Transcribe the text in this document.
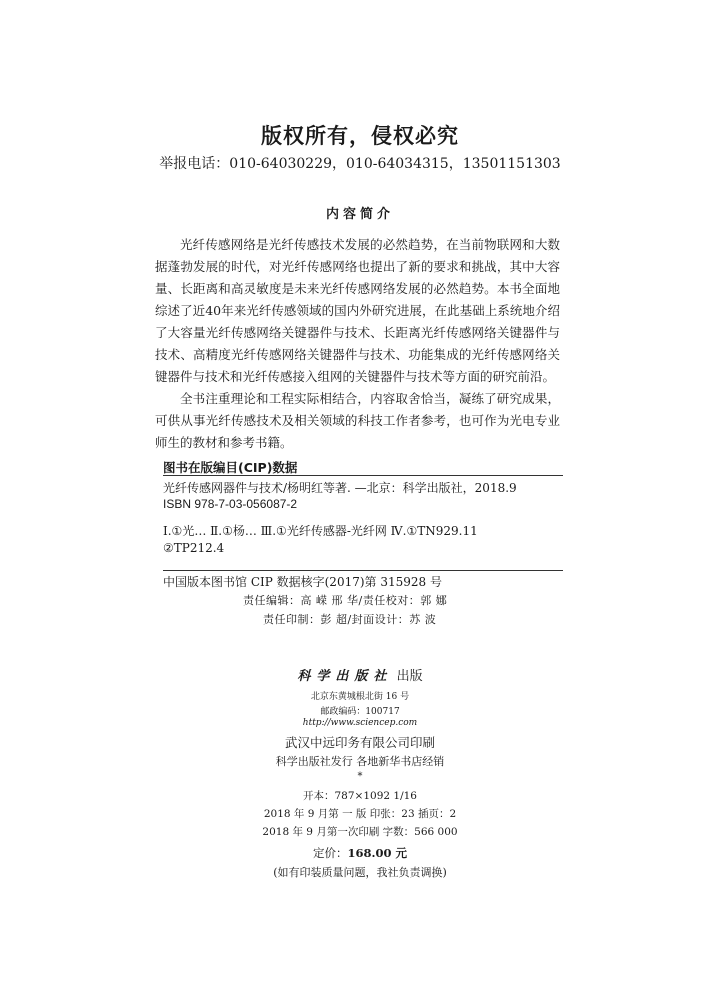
版权所有，侵权必究
举报电话：010-64030229，010-64034315，13501151303
内容简介

光纤传感网络是光纤传感技术发展的必然趋势，在当前物联网和大数据蓬勃发展的时代，对光纤传感网络也提出了新的要求和挑战，其中大容量、长距离和高灵敏度是未来光纤传感网络发展的必然趋势。本书全面地综述了近40年来光纤传感领域的国内外研究进展，在此基础上系统地介绍了大容量光纤传感网络关键器件与技术、长距离光纤传感网络关键器件与技术、高精度光纤传感网络关键器件与技术、功能集成的光纤传感网络关键器件与技术和光纤传感接入组网的关键器件与技术等方面的研究前沿。

全书注重理论和工程实际相结合，内容取舍恰当，凝练了研究成果，可供从事光纤传感技术及相关领域的科技工作者参考，也可作为光电专业师生的教材和参考书籍。

图书在版编目(CIP)数据
光纤传感网器件与技术/杨明红等著. —北京：科学出版社，2018.9
ISBN 978-7-03-056087-2
Ⅰ.①光… Ⅱ.①杨… Ⅲ.①光纤传感器-光纤网 Ⅳ.①TN929.11
②TP212.4
中国版本图书馆 CIP 数据核字(2017)第 315928 号
责任编辑：高 嵘 邢 华/责任校对：郭 娜
责任印制：彭 超/封面设计：苏 波
科学出版社 出版
北京东黄城根北街 16 号
邮政编码：100717
http://www.sciencep.com
武汉中远印务有限公司印刷
科学出版社发行 各地新华书店经销
*
开本：787×1092 1/16
2018 年 9 月第 一 版 印张：23 插页：2
2018 年 9 月第一次印刷 字数：566 000
定价：168.00 元
(如有印装质量问题，我社负责调换)
